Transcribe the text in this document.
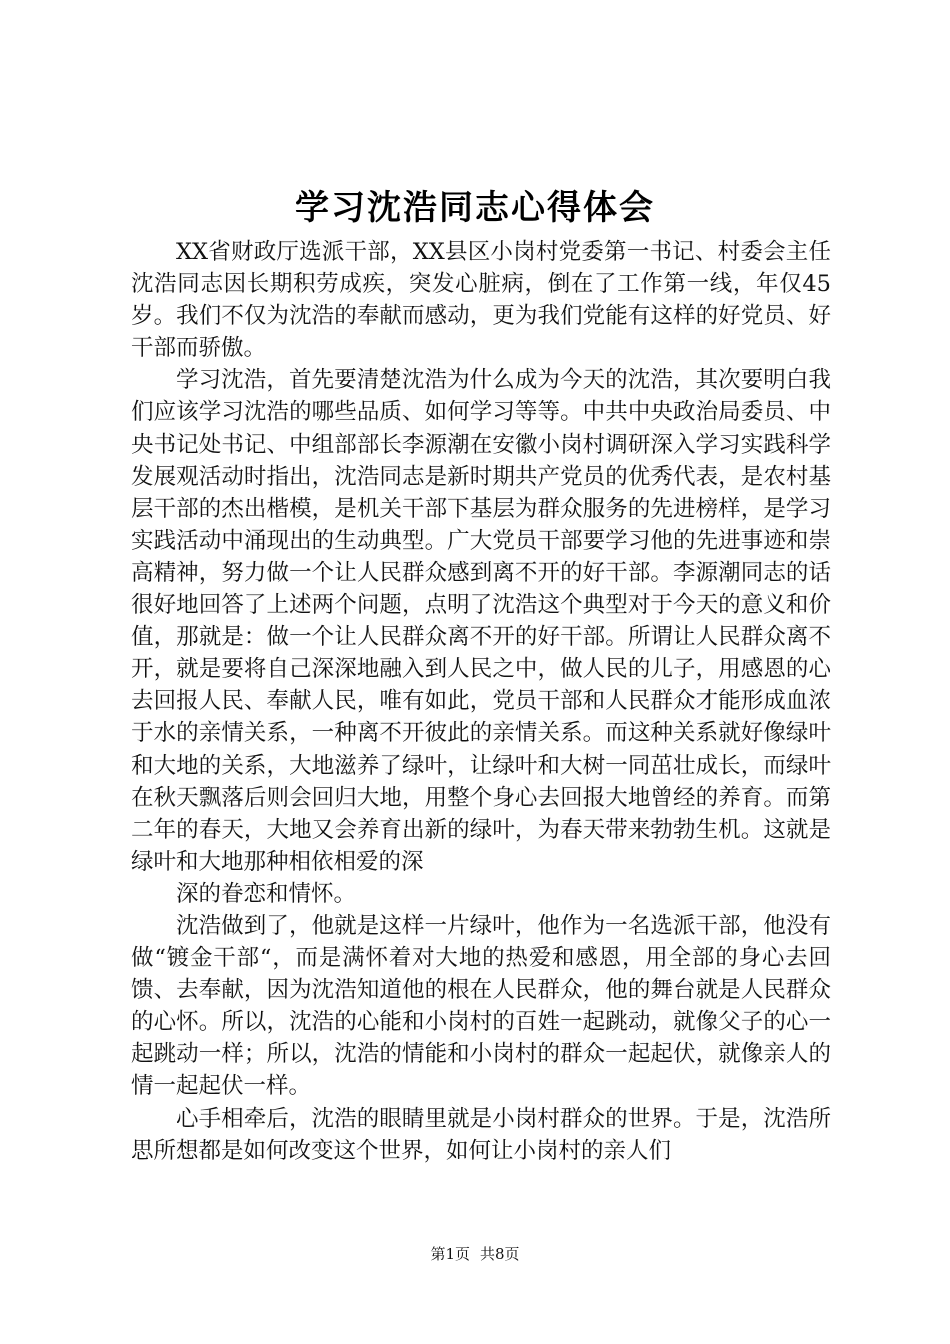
学习沈浩同志心得体会

XX省财政厅选派干部，XX县区小岗村党委第一书记、村委会主任沈浩同志因长期积劳成疾，突发心脏病，倒在了工作第一线，年仅45岁。我们不仅为沈浩的奉献而感动，更为我们党能有这样的好党员、好干部而骄傲。

学习沈浩，首先要清楚沈浩为什么成为今天的沈浩，其次要明白我们应该学习沈浩的哪些品质、如何学习等等。中共中央政治局委员、中央书记处书记、中组部部长李源潮在安徽小岗村调研深入学习实践科学发展观活动时指出，沈浩同志是新时期共产党员的优秀代表，是农村基层干部的杰出楷模，是机关干部下基层为群众服务的先进榜样，是学习实践活动中涌现出的生动典型。广大党员干部要学习他的先进事迹和崇高精神，努力做一个让人民群众感到离不开的好干部。李源潮同志的话很好地回答了上述两个问题，点明了沈浩这个典型对于今天的意义和价值，那就是：做一个让人民群众离不开的好干部。所谓让人民群众离不开，就是要将自己深深地融入到人民之中，做人民的儿子，用感恩的心去回报人民、奉献人民，唯有如此，党员干部和人民群众才能形成血浓于水的亲情关系，一种离不开彼此的亲情关系。而这种关系就好像绿叶和大地的关系，大地滋养了绿叶，让绿叶和大树一同茁壮成长，而绿叶在秋天飘落后则会回归大地，用整个身心去回报大地曾经的养育。而第二年的春天，大地又会养育出新的绿叶，为春天带来勃勃生机。这就是绿叶和大地那种相依相爱的深

深的眷恋和情怀。

沈浩做到了，他就是这样一片绿叶，他作为一名选派干部，他没有做“镀金干部“，而是满怀着对大地的热爱和感恩，用全部的身心去回馈、去奉献，因为沈浩知道他的根在人民群众，他的舞台就是人民群众的心怀。所以，沈浩的心能和小岗村的百姓一起跳动，就像父子的心一起跳动一样；所以，沈浩的情能和小岗村的群众一起起伏，就像亲人的情一起起伏一样。

心手相牵后，沈浩的眼睛里就是小岗村群众的世界。于是，沈浩所思所想都是如何改变这个世界，如何让小岗村的亲人们

第1页 共8页
